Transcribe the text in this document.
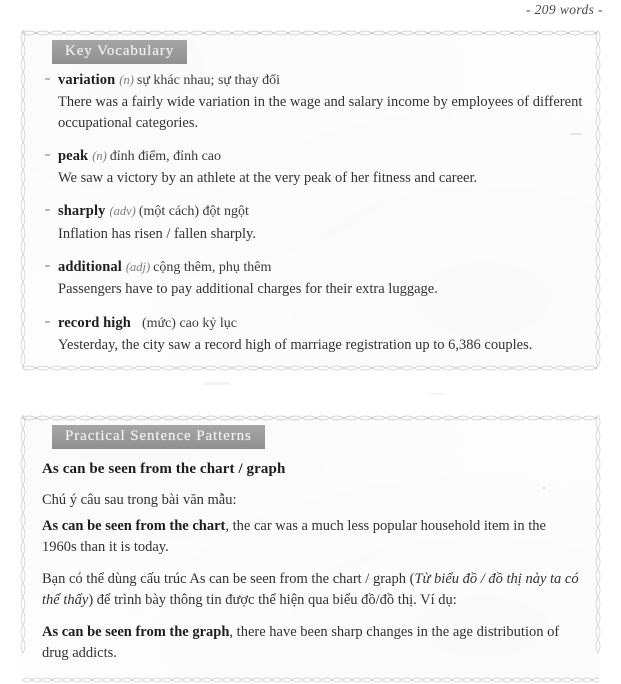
- 209 words -
Key Vocabulary
variation (n) sự khác nhau; sự thay đổi
There was a fairly wide variation in the wage and salary income by employees of different occupational categories.
peak (n) đỉnh điểm, đỉnh cao
We saw a victory by an athlete at the very peak of her fitness and career.
sharply (adv) (một cách) đột ngột
Inflation has risen / fallen sharply.
additional (adj) cộng thêm, phụ thêm
Passengers have to pay additional charges for their extra luggage.
record high (mức) cao kỷ lục
Yesterday, the city saw a record high of marriage registration up to 6,386 couples.
Practical Sentence Patterns
As can be seen from the chart / graph

Chú ý câu sau trong bài văn mẫu:

As can be seen from the chart, the car was a much less popular household item in the 1960s than it is today.

Bạn có thể dùng cấu trúc As can be seen from the chart / graph (Từ biểu đồ / đồ thị này ta có thể thấy) để trình bày thông tin được thể hiện qua biểu đồ/đồ thị. Ví dụ:

As can be seen from the graph, there have been sharp changes in the age distribution of drug addicts.
